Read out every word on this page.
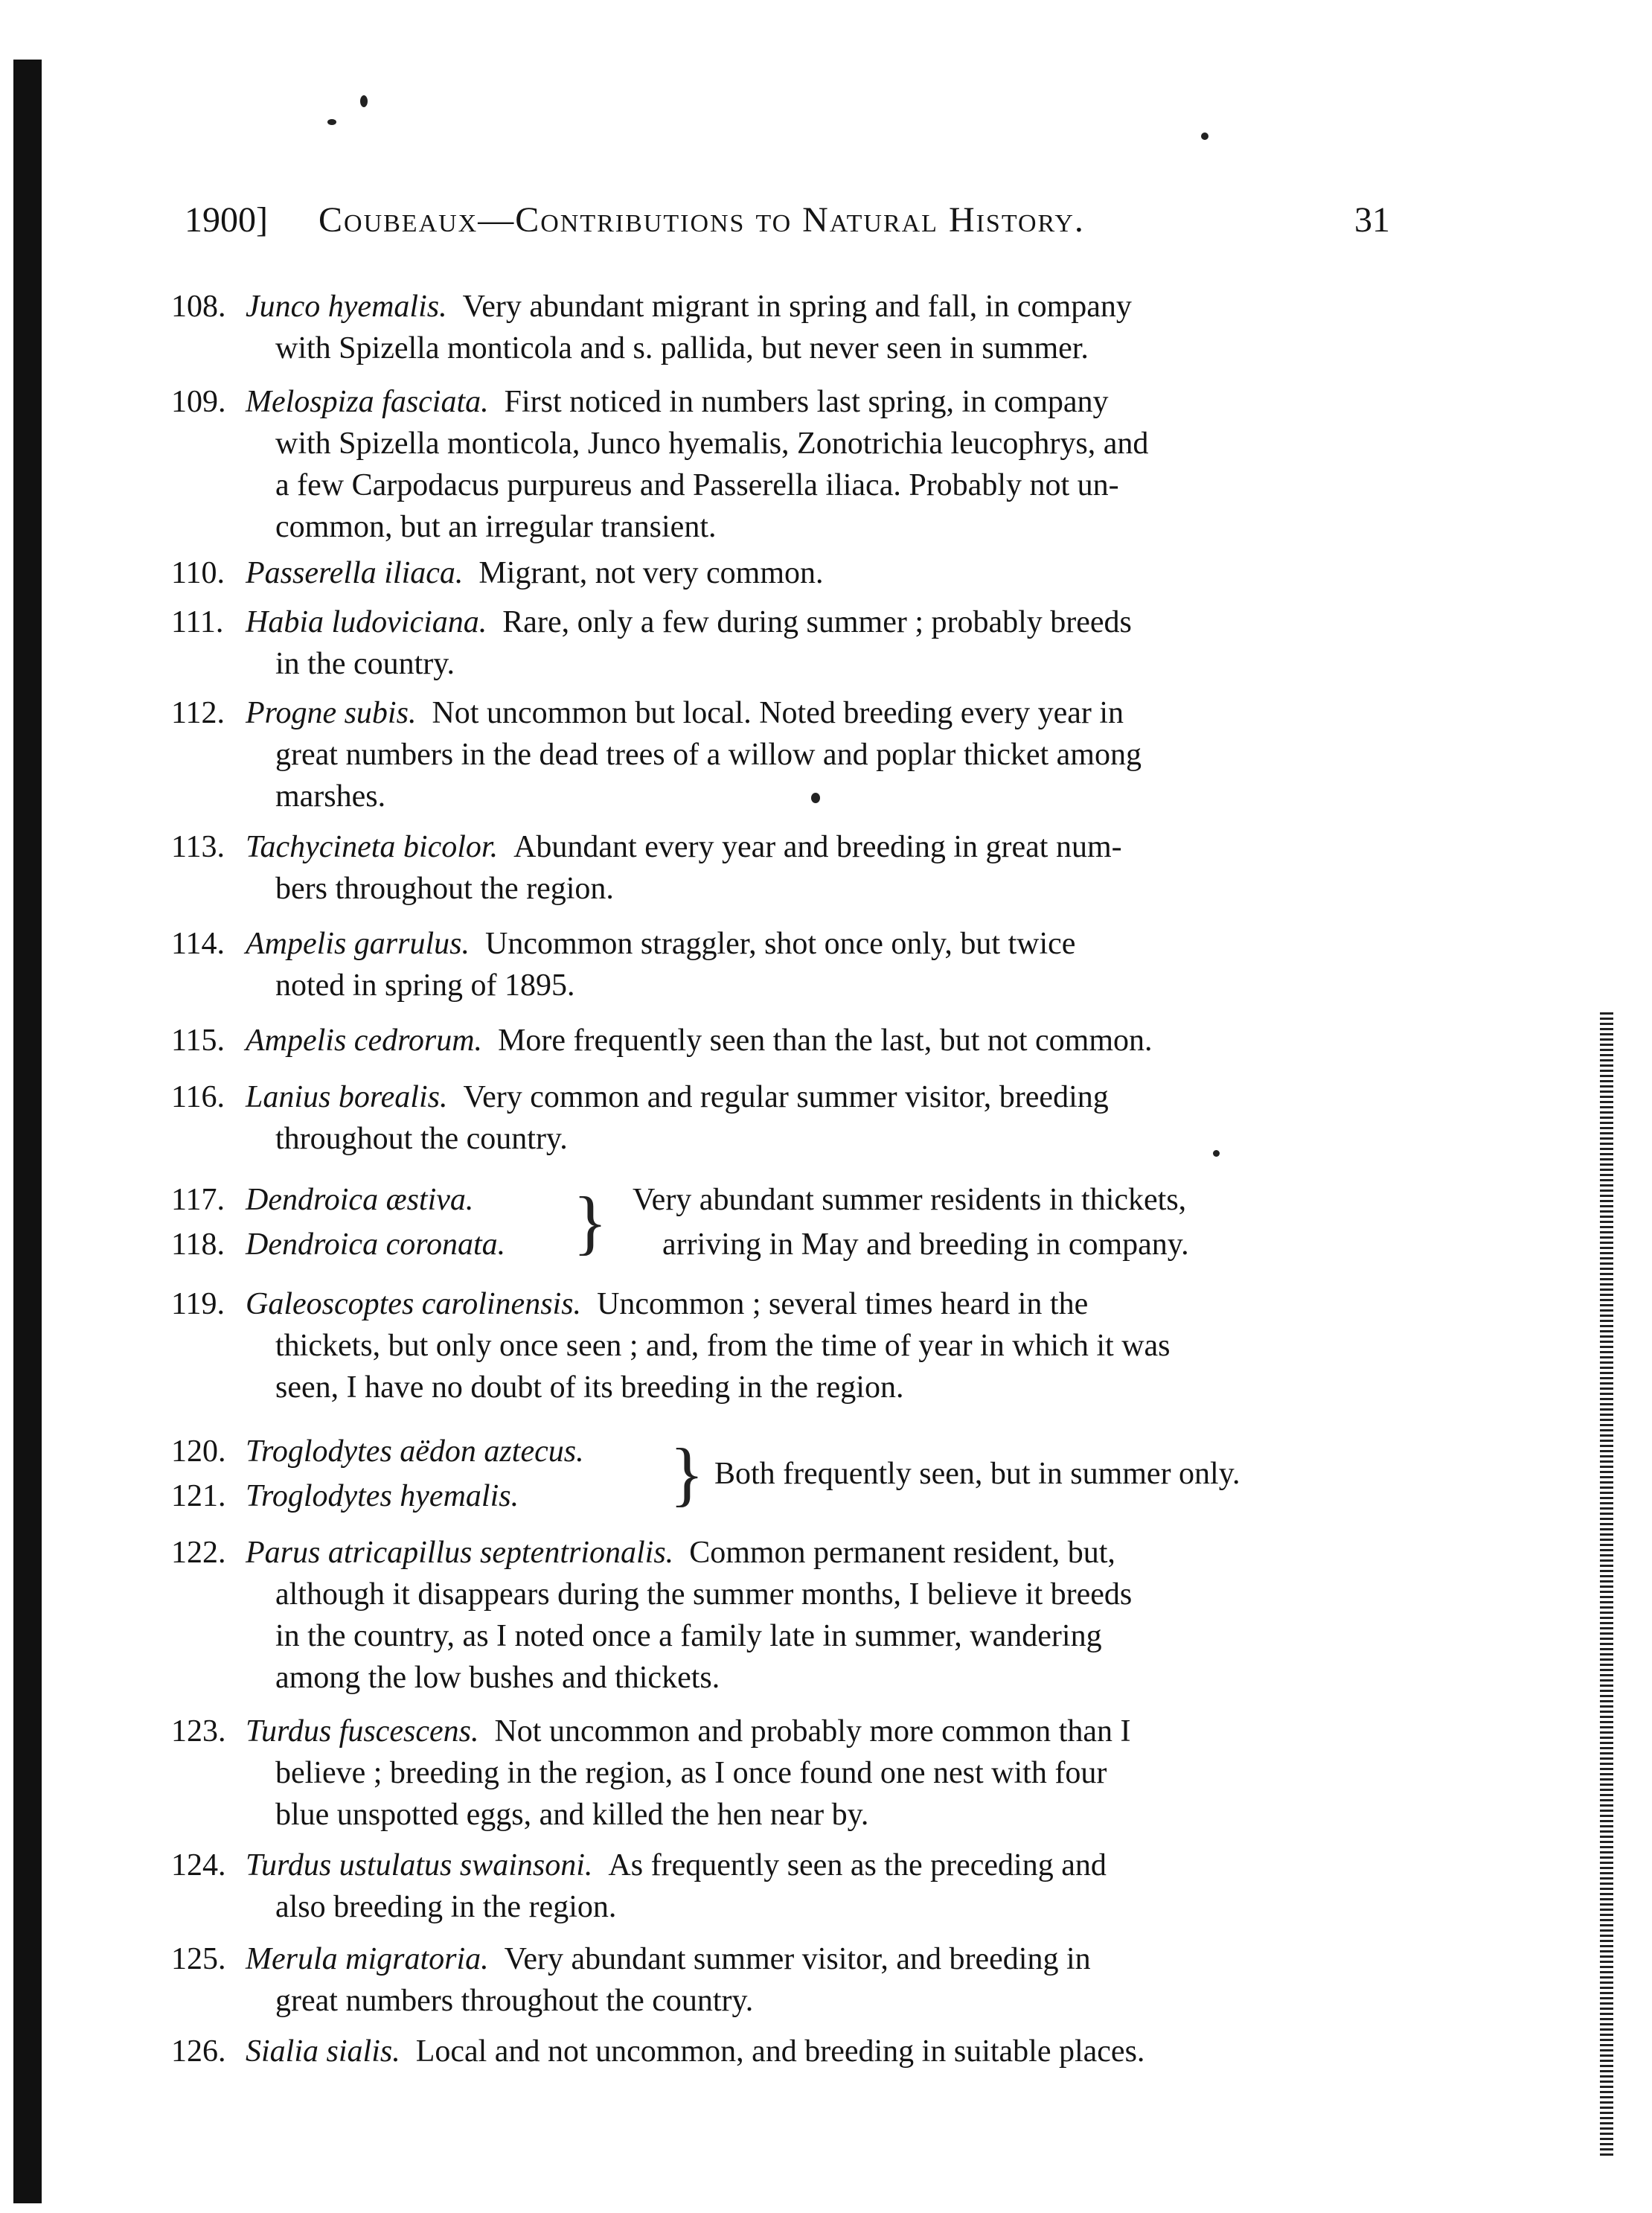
1900] Coubeaux—Contributions to Natural History.	31
108. Junco hyemalis. Very abundant migrant in spring and fall, in company
with Spizella monticola and s. pallida, but never seen in summer.
109. Melospiza fasciata. First noticed in numbers last spring, in company
with Spizella monticola, Junco hyemalis, Zonotrichia leucophrys, and
a few Carpodacus purpureus and Passerella iliaca. Probably not un-
common, but an irregular transient.
110. Passerella iliaca. Migrant, not very common.
111. Habia ludoviciana. Rare, only a few during summer ; probably breeds
in the country.
112. Progne subis. Not uncommon but local. Noted breeding every year in
great numbers in the dead trees of a willow and poplar thicket among
marshes.
113. Tachycineta bicolor. Abundant every year and breeding in great num-
bers throughout the region.
114. Ampelis garrulus. Uncommon straggler, shot once only, but twice
noted in spring of 1895.
115. Ampelis cedrorum. More frequently seen than the last, but not common.
116. Lanius borealis. Very common and regular summer visitor, breeding
throughout the country.
117. Dendroica æstiva.
118. Dendroica coronata. } Very abundant summer residents in thickets,
arriving in May and breeding in company.
119. Galeoscoptes carolinensis. Uncommon ; several times heard in the
thickets, but only once seen ; and, from the time of year in which it was
seen, I have no doubt of its breeding in the region.
120. Troglodytes aëdon aztecus.
121. Troglodytes hyemalis. } Both frequently seen, but in summer only.
122. Parus atricapillus septentrionalis. Common permanent resident, but,
although it disappears during the summer months, I believe it breeds
in the country, as I noted once a family late in summer, wandering
among the low bushes and thickets.
123. Turdus fuscescens. Not uncommon and probably more common than I
believe ; breeding in the region, as I once found one nest with four
blue unspotted eggs, and killed the hen near by.
124. Turdus ustulatus swainsoni. As frequently seen as the preceding and
also breeding in the region.
125. Merula migratoria. Very abundant summer visitor, and breeding in
great numbers throughout the country.
126. Sialia sialis. Local and not uncommon, and breeding in suitable places.
